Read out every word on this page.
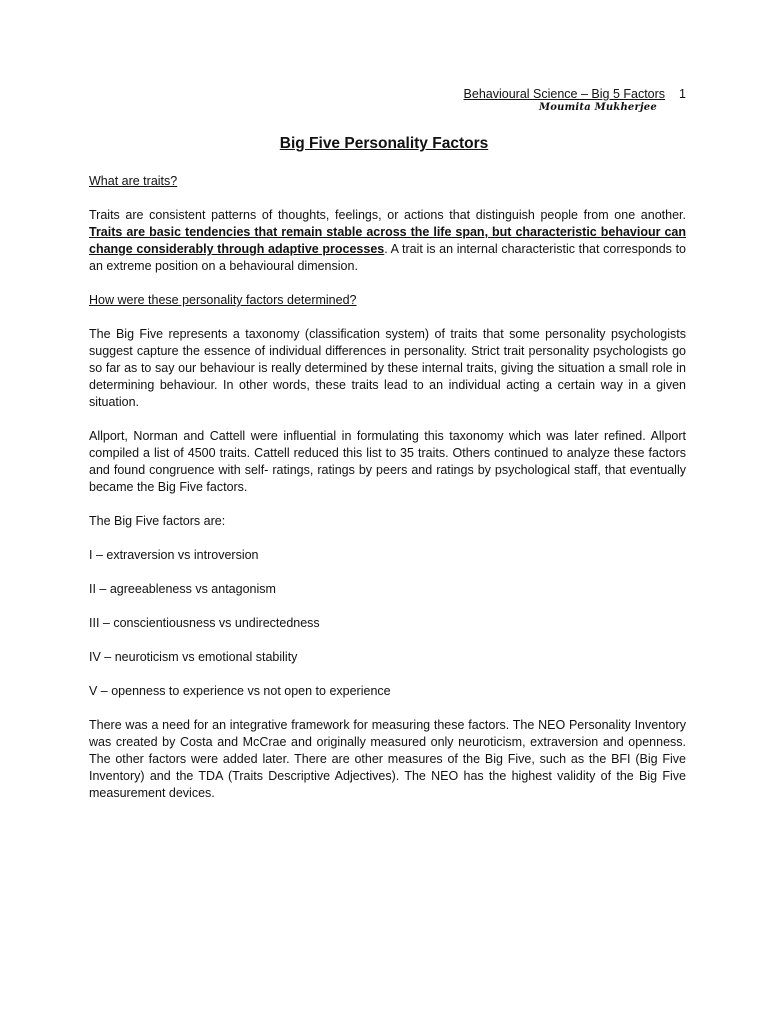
Behavioural Science – Big 5 Factors 1
Moumita Mukherjee
Big Five Personality Factors

What are traits?

Traits are consistent patterns of thoughts, feelings, or actions that distinguish people from one another. Traits are basic tendencies that remain stable across the life span, but characteristic behaviour can change considerably through adaptive processes. A trait is an internal characteristic that corresponds to an extreme position on a behavioural dimension.

How were these personality factors determined?

The Big Five represents a taxonomy (classification system) of traits that some personality psychologists suggest capture the essence of individual differences in personality. Strict trait personality psychologists go so far as to say our behaviour is really determined by these internal traits, giving the situation a small role in determining behaviour. In other words, these traits lead to an individual acting a certain way in a given situation.

Allport, Norman and Cattell were influential in formulating this taxonomy which was later refined. Allport compiled a list of 4500 traits. Cattell reduced this list to 35 traits. Others continued to analyze these factors and found congruence with self- ratings, ratings by peers and ratings by psychological staff, that eventually became the Big Five factors.

The Big Five factors are:

I – extraversion vs introversion

II – agreeableness vs antagonism

III – conscientiousness vs undirectedness

IV – neuroticism vs emotional stability

V – openness to experience vs not open to experience

There was a need for an integrative framework for measuring these factors. The NEO Personality Inventory was created by Costa and McCrae and originally measured only neuroticism, extraversion and openness. The other factors were added later. There are other measures of the Big Five, such as the BFI (Big Five Inventory) and the TDA (Traits Descriptive Adjectives). The NEO has the highest validity of the Big Five measurement devices.
